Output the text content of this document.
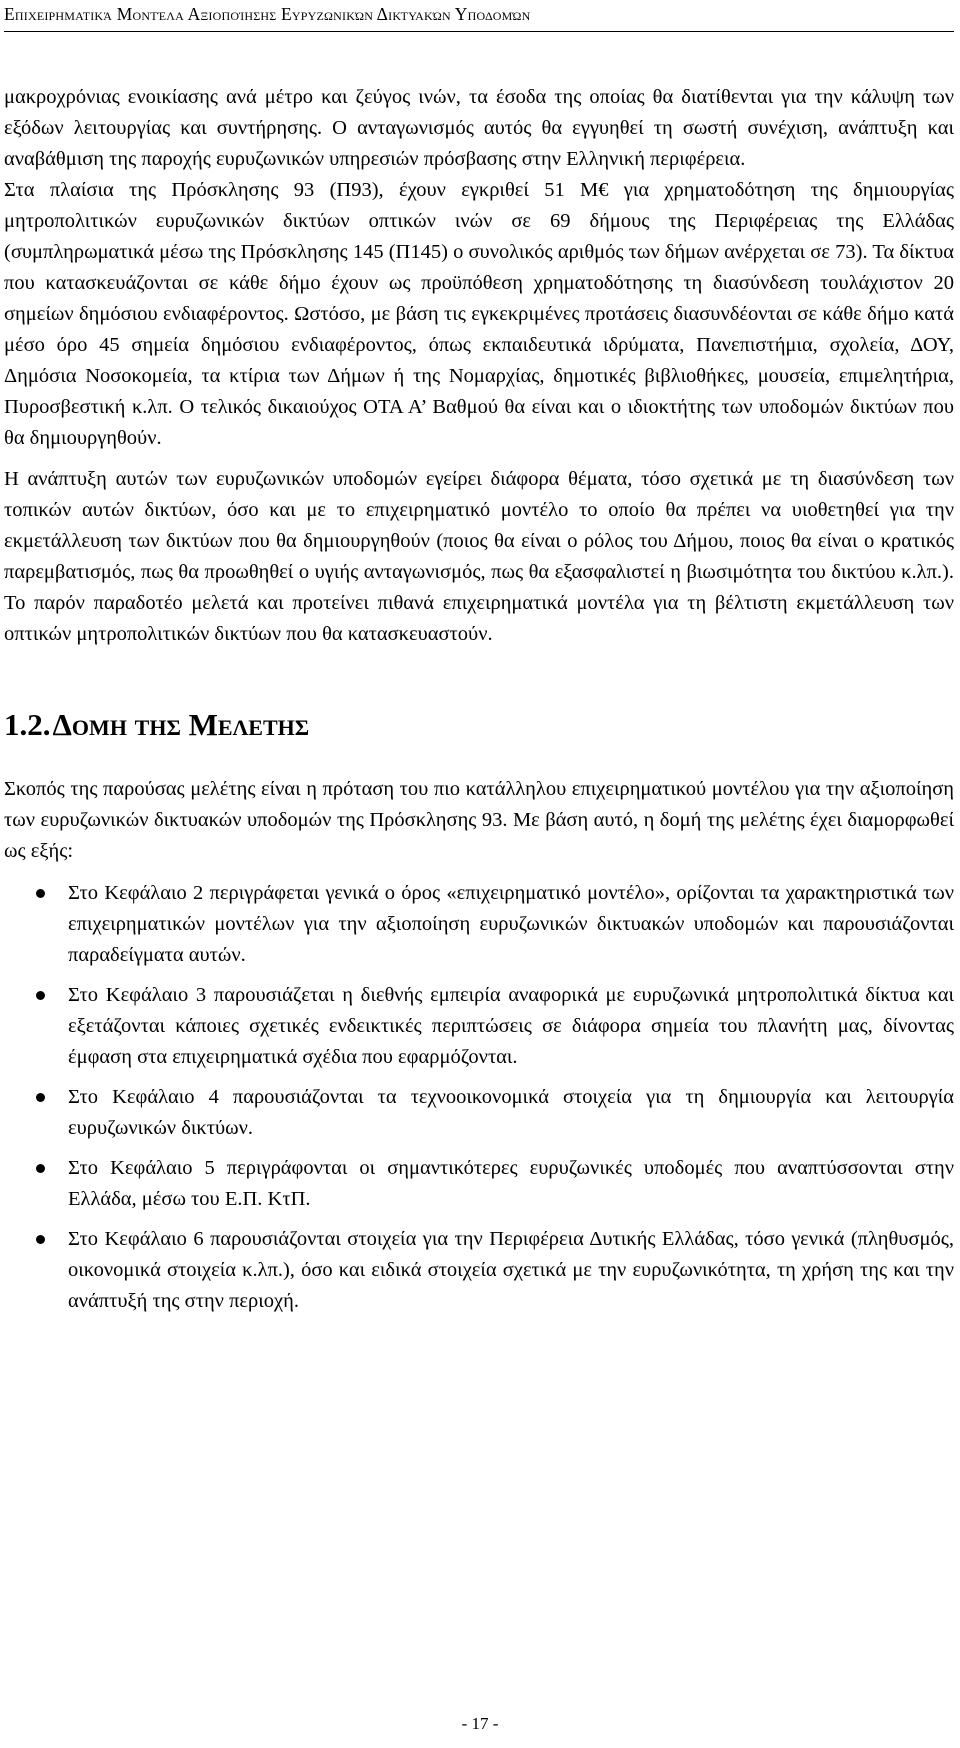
Επιχειρηματικά Μοντέλα Αξιοποίησης Ευρυζωνικών Δικτυακών Υποδομών

μακροχρόνιας ενοικίασης ανά μέτρο και ζεύγος ινών, τα έσοδα της οποίας θα διατίθενται για την κάλυψη των εξόδων λειτουργίας και συντήρησης. Ο ανταγωνισμός αυτός θα εγγυηθεί τη σωστή συνέχιση, ανάπτυξη και αναβάθμιση της παροχής ευρυζωνικών υπηρεσιών πρόσβασης στην Ελληνική περιφέρεια.

Στα πλαίσια της Πρόσκλησης 93 (Π93), έχουν εγκριθεί 51 Μ€ για χρηματοδότηση της δημιουργίας μητροπολιτικών ευρυζωνικών δικτύων οπτικών ινών σε 69 δήμους της Περιφέρειας της Ελλάδας (συμπληρωματικά μέσω της Πρόσκλησης 145 (Π145) ο συνολικός αριθμός των δήμων ανέρχεται σε 73). Τα δίκτυα που κατασκευάζονται σε κάθε δήμο έχουν ως προϋπόθεση χρηματοδότησης τη διασύνδεση τουλάχιστον 20 σημείων δημόσιου ενδιαφέροντος. Ωστόσο, με βάση τις εγκεκριμένες προτάσεις διασυνδέονται σε κάθε δήμο κατά μέσο όρο 45 σημεία δημόσιου ενδιαφέροντος, όπως εκπαιδευτικά ιδρύματα, Πανεπιστήμια, σχολεία, ΔΟΥ, Δημόσια Νοσοκομεία, τα κτίρια των Δήμων ή της Νομαρχίας, δημοτικές βιβλιοθήκες, μουσεία, επιμελητήρια, Πυροσβεστική κ.λπ. Ο τελικός δικαιούχος ΟΤΑ Α’ Βαθμού θα είναι και ο ιδιοκτήτης των υποδομών δικτύων που θα δημιουργηθούν.

Η ανάπτυξη αυτών των ευρυζωνικών υποδομών εγείρει διάφορα θέματα, τόσο σχετικά με τη διασύνδεση των τοπικών αυτών δικτύων, όσο και με το επιχειρηματικό μοντέλο το οποίο θα πρέπει να υιοθετηθεί για την εκμετάλλευση των δικτύων που θα δημιουργηθούν (ποιος θα είναι ο ρόλος του Δήμου, ποιος θα είναι ο κρατικός παρεμβατισμός, πως θα προωθηθεί ο υγιής ανταγωνισμός, πως θα εξασφαλιστεί η βιωσιμότητα του δικτύου κ.λπ.). Το παρόν παραδοτέο μελετά και προτείνει πιθανά επιχειρηματικά μοντέλα για τη βέλτιστη εκμετάλλευση των οπτικών μητροπολιτικών δικτύων που θα κατασκευαστούν.

1.2.Δομη της Μελετης

Σκοπός της παρούσας μελέτης είναι η πρόταση του πιο κατάλληλου επιχειρηματικού μοντέλου για την αξιοποίηση των ευρυζωνικών δικτυακών υποδομών της Πρόσκλησης 93. Με βάση αυτό, η δομή της μελέτης έχει διαμορφωθεί ως εξής:

Στο Κεφάλαιο 2 περιγράφεται γενικά ο όρος «επιχειρηματικό μοντέλο», ορίζονται τα χαρακτηριστικά των επιχειρηματικών μοντέλων για την αξιοποίηση ευρυζωνικών δικτυακών υποδομών και παρουσιάζονται παραδείγματα αυτών.

Στο Κεφάλαιο 3 παρουσιάζεται η διεθνής εμπειρία αναφορικά με ευρυζωνικά μητροπολιτικά δίκτυα και εξετάζονται κάποιες σχετικές ενδεικτικές περιπτώσεις σε διάφορα σημεία του πλανήτη μας, δίνοντας έμφαση στα επιχειρηματικά σχέδια που εφαρμόζονται.

Στο Κεφάλαιο 4 παρουσιάζονται τα τεχνοοικονομικά στοιχεία για τη δημιουργία και λειτουργία ευρυζωνικών δικτύων.

Στο Κεφάλαιο 5 περιγράφονται οι σημαντικότερες ευρυζωνικές υποδομές που αναπτύσσονται στην Ελλάδα, μέσω του Ε.Π. ΚτΠ.

Στο Κεφάλαιο 6 παρουσιάζονται στοιχεία για την Περιφέρεια Δυτικής Ελλάδας, τόσο γενικά (πληθυσμός, οικονομικά στοιχεία κ.λπ.), όσο και ειδικά στοιχεία σχετικά με την ευρυζωνικότητα, τη χρήση της και την ανάπτυξή της στην περιοχή.

- 17 -
